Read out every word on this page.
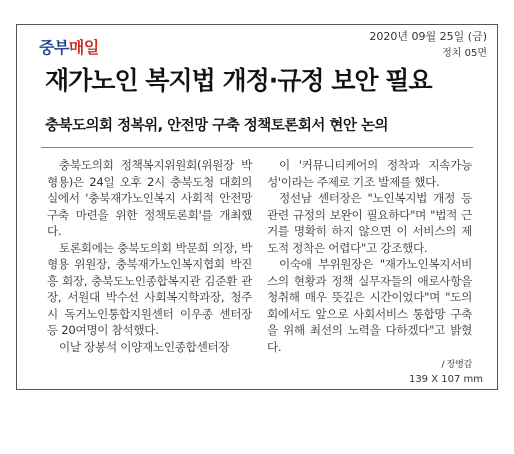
2020년 09월 25일 (금)
정치 05면
중부매일
재가노인 복지법 개정·규정 보안 필요
충북도의회 정복위, 안전망 구축 정책토론회서 현안 논의

충북도의회 정책복지위원회(위원장 박형용)은 24일 오후 2시 충북도청 대회의실에서 '충북재가노인복지 사회적 안전망 구축 마련을 위한 정책토론회'를 개최했다.

토론회에는 충북도의회 박문희 의장, 박형용 위원장, 충북재가노인복지협회 박진흥 회장, 충북도노인종합복지관 김준환 관장, 서원대 박수선 사회복지학과장, 청주시 독거노인통합지원센터 이우종 센터장 등 20여명이 참석했다.

이날 장봉석 이양재노인종합센터장

이 '커뮤니티케어의 정착과 지속가능성'이라는 주제로 기조 발제를 했다.

정선남 센터장은 "노인복지법 개정 등 관련 규정의 보완이 필요하다"며 "법적 근거를 명확히 하지 않으면 이 서비스의 제도적 정착은 어렵다"고 강조했다.

이숙애 부위원장은 "재가노인복지서비스의 현황과 정책 실무자들의 애로사항을 청취해 매우 뜻깊은 시간이었다"며 "도의회에서도 앞으로 사회서비스 통합망 구축을 위해 최선의 노력을 다하겠다"고 밝혔다.

/ 장병갑
139 X 107 mm
